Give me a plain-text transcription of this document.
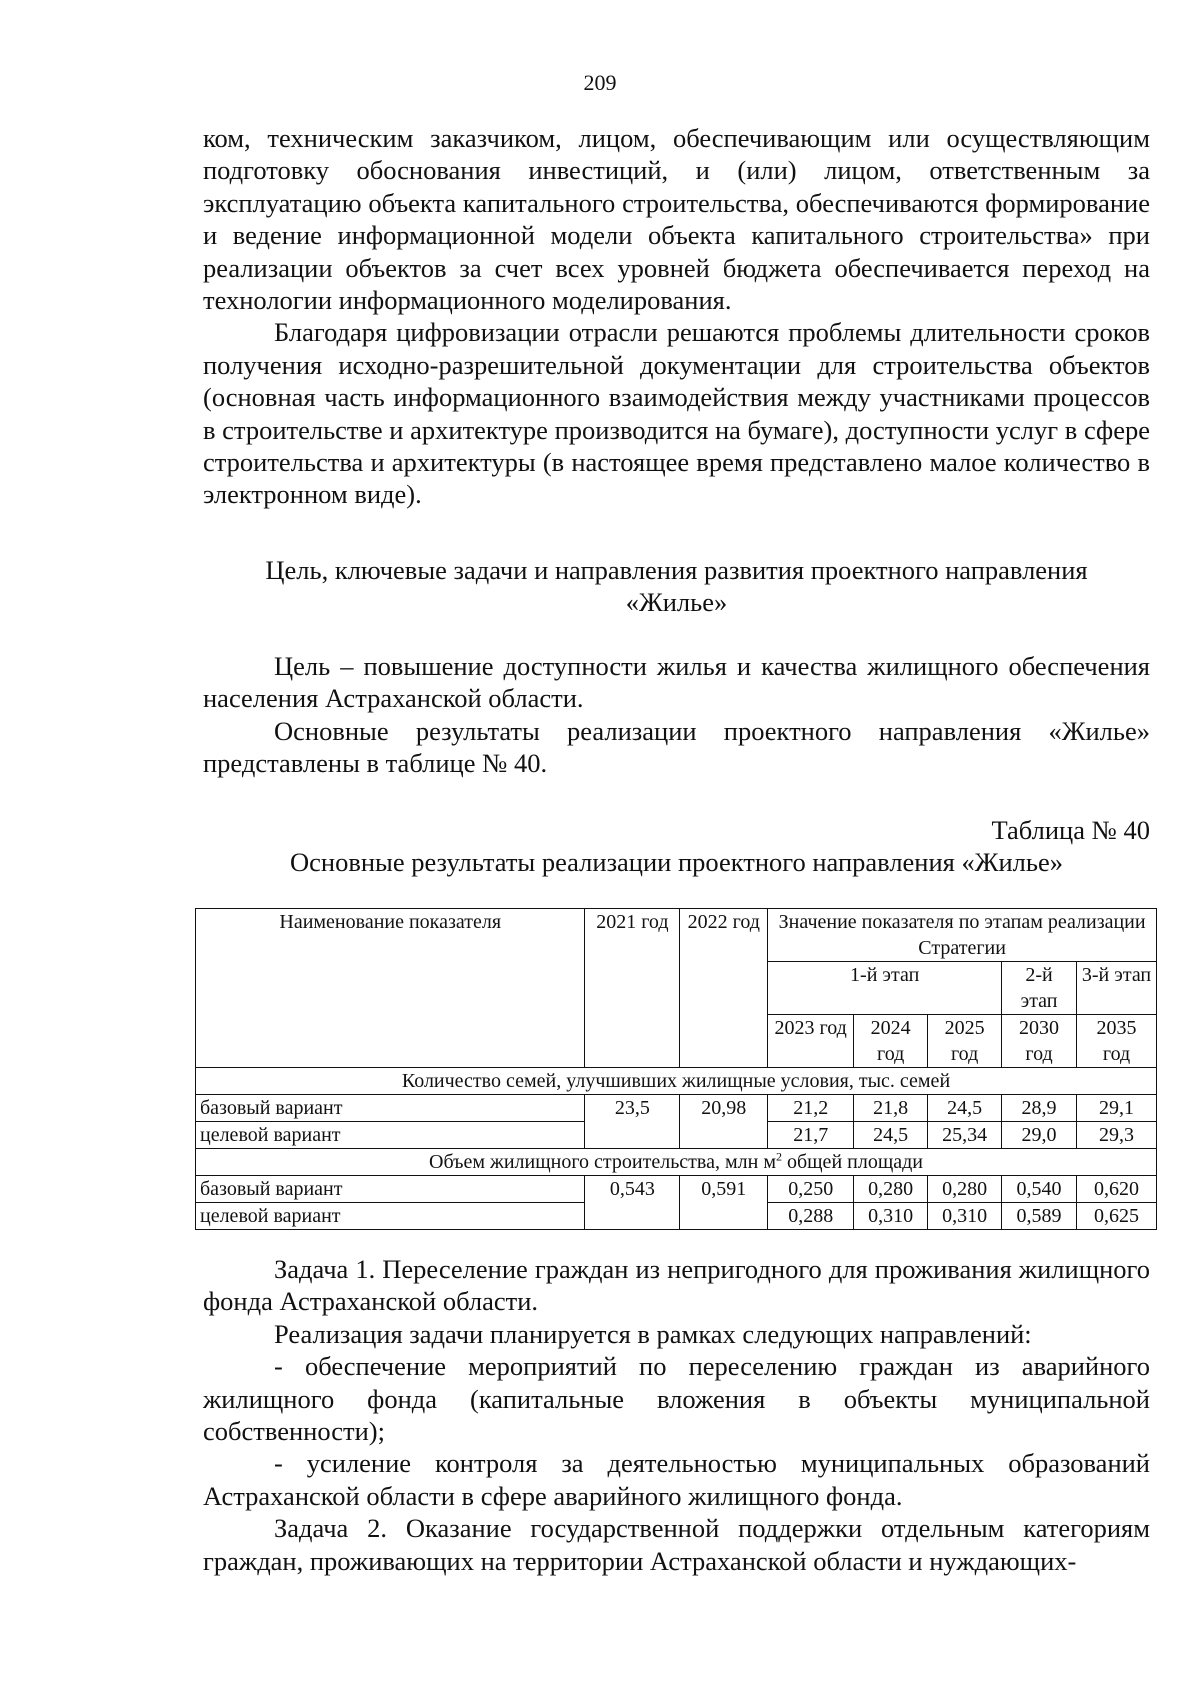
209

ком, техническим заказчиком, лицом, обеспечивающим или осуществляющим подготовку обоснования инвестиций, и (или) лицом, ответственным за эксплуатацию объекта капитального строительства, обеспечиваются формирование и ведение информационной модели объекта капитального строительства» при реализации объектов за счет всех уровней бюджета обеспечивается переход на технологии информационного моделирования.

Благодаря цифровизации отрасли решаются проблемы длительности сроков получения исходно-разрешительной документации для строительства объектов (основная часть информационного взаимодействия между участниками процессов в строительстве и архитектуре производится на бумаге), доступности услуг в сфере строительства и архитектуры (в настоящее время представлено малое количество в электронном виде).

Цель, ключевые задачи и направления развития проектного направления
«Жилье»

Цель – повышение доступности жилья и качества жилищного обеспечения населения Астраханской области.

Основные результаты реализации проектного направления «Жилье» представлены в таблице № 40.

Таблица № 40
Основные результаты реализации проектного направления «Жилье»
Наименование показателя	2021 год	2022 год	Значение показателя по этапам реализации Стратегии				
			1-й этап			2-й этап	3-й этап
			2023 год	2024 год	2025 год	2030 год	2035 год
Количество семей, улучшивших жилищные условия, тыс. семей							
базовый вариант	23,5	20,98	21,2	21,8	24,5	28,9	29,1
целевой вариант			21,7	24,5	25,34	29,0	29,3
Объем жилищного строительства, млн $м^2$ общей площади							
базовый вариант	0,543	0,591	0,250	0,280	0,280	0,540	0,620
целевой вариант			0,288	0,310	0,310	0,589	0,625

Задача 1. Переселение граждан из непригодного для проживания жилищного фонда Астраханской области.

Реализация задачи планируется в рамках следующих направлений:

- обеспечение мероприятий по переселению граждан из аварийного жилищного фонда (капитальные вложения в объекты муниципальной собственности);

- усиление контроля за деятельностью муниципальных образований Астраханской области в сфере аварийного жилищного фонда.

Задача 2. Оказание государственной поддержки отдельным категориям граждан, проживающих на территории Астраханской области и нуждающих-
